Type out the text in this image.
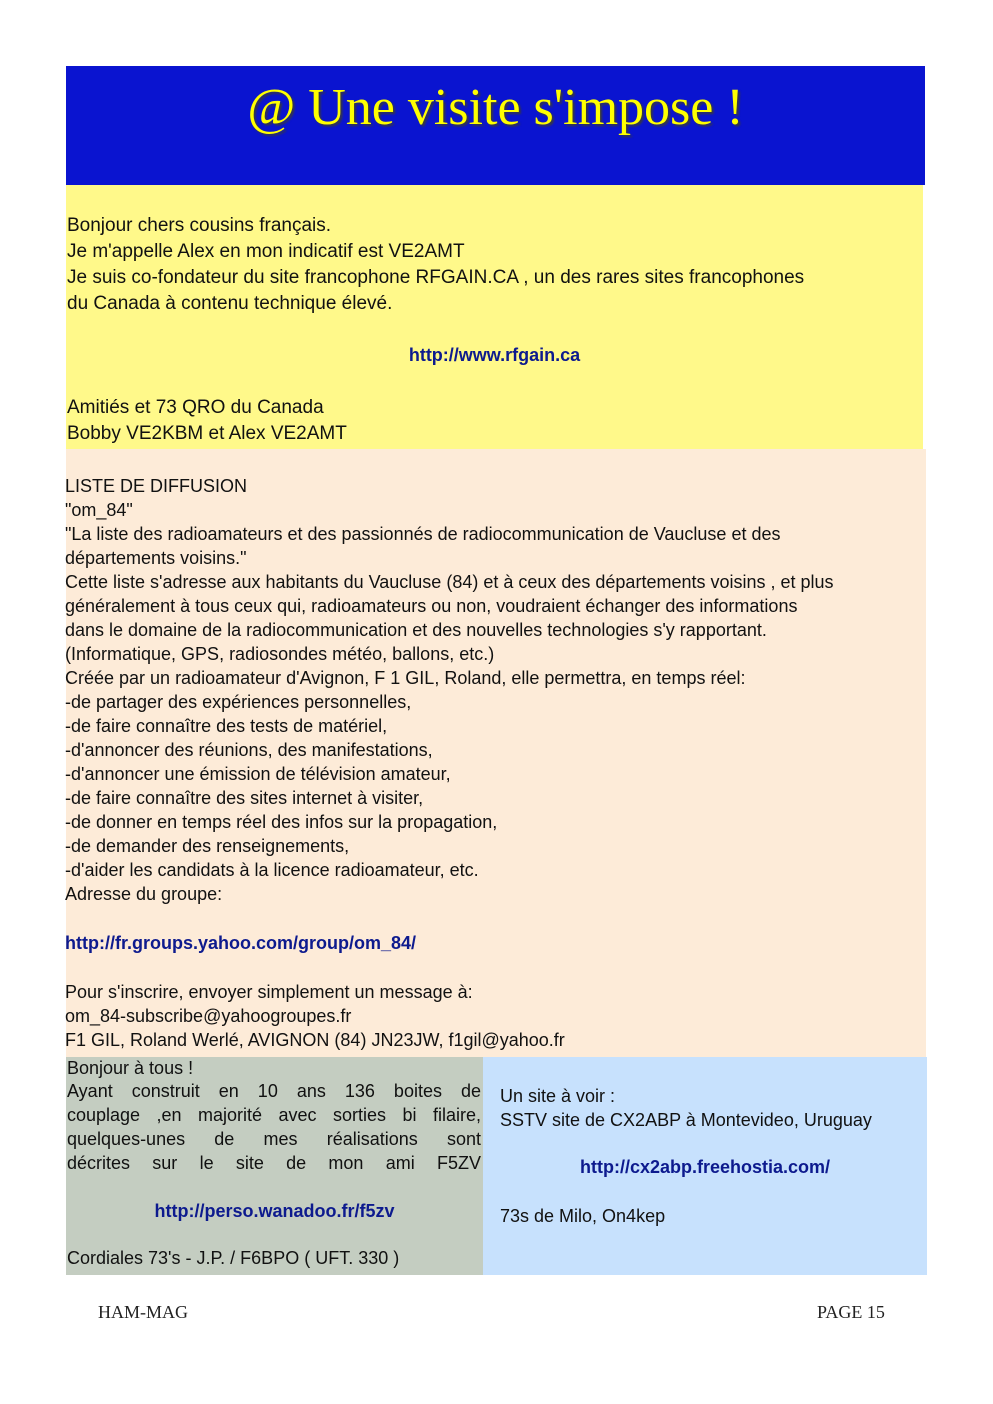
@ Une visite s'impose !
Bonjour chers cousins français.
Je m'appelle Alex en mon indicatif est VE2AMT
Je suis co-fondateur du site francophone RFGAIN.CA , un des rares sites francophones
du Canada à contenu technique élevé.
http://www.rfgain.ca
Amitiés et 73 QRO du Canada
Bobby VE2KBM et Alex VE2AMT
LISTE DE DIFFUSION
"om_84"
"La liste des radioamateurs et des passionnés de radiocommunication de Vaucluse et des
départements voisins."
Cette liste s'adresse aux habitants du Vaucluse (84) et à ceux des départements voisins , et plus
généralement à tous ceux qui, radioamateurs ou non, voudraient échanger des informations
dans le domaine de la radiocommunication et des nouvelles technologies s'y rapportant.
(Informatique, GPS, radiosondes météo, ballons, etc.)
Créée par un radioamateur d'Avignon, F 1 GIL, Roland, elle permettra, en temps réel:
-de partager des expériences personnelles,
-de faire connaître des tests de matériel,
-d'annoncer des réunions, des manifestations,
-d'annoncer une émission de télévision amateur,
-de faire connaître des sites internet à visiter,
-de donner en temps réel des infos sur la propagation,
-de demander des renseignements,
-d'aider les candidats à la licence radioamateur, etc.
Adresse du groupe:
http://fr.groups.yahoo.com/group/om_84/
Pour s'inscrire, envoyer simplement un message à:
om_84-subscribe@yahoogroupes.fr
F1 GIL, Roland Werlé, AVIGNON (84) JN23JW, f1gil@yahoo.fr
Bonjour à tous !
Ayant construit en 10 ans 136 boites de
couplage ,en majorité avec sorties bi filaire,
quelques-unes de mes réalisations sont
décrites sur le site de mon ami F5ZV
http://perso.wanadoo.fr/f5zv
Cordiales 73's - J.P. / F6BPO ( UFT. 330 )
Un site à voir :
SSTV site de CX2ABP à Montevideo, Uruguay
http://cx2abp.freehostia.com/
73s de Milo, On4kep
HAM-MAG	PAGE 15
